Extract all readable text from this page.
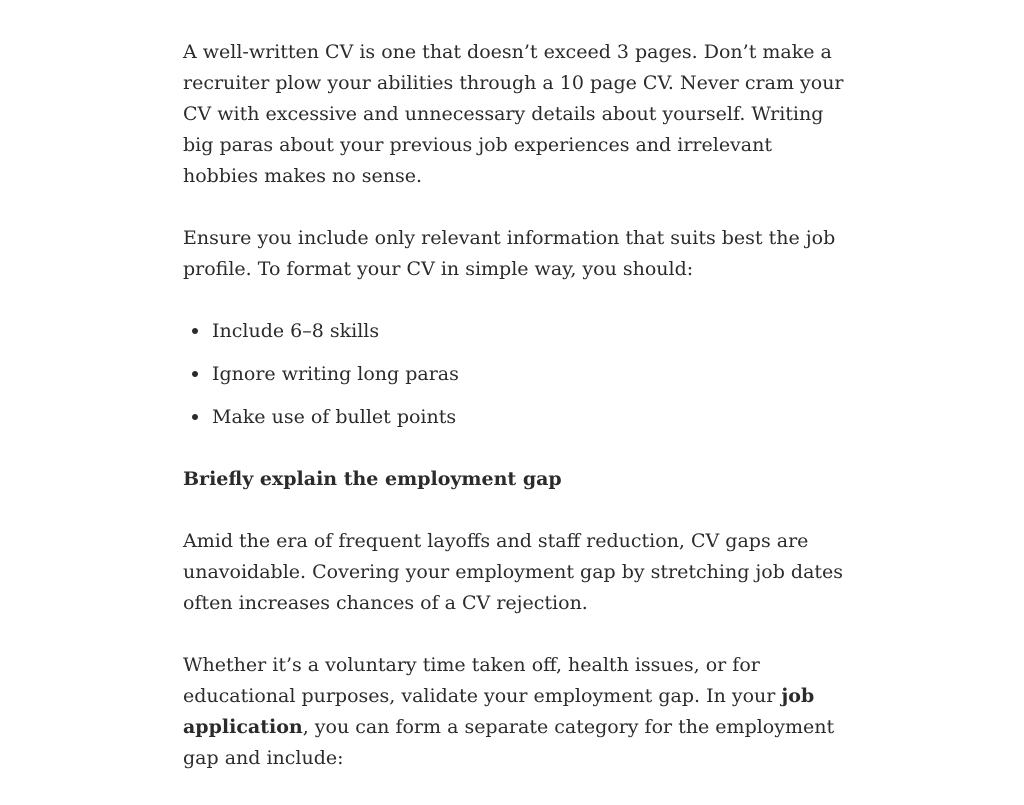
A well-written CV is one that doesn’t exceed 3 pages. Don’t make a recruiter plow your abilities through a 10 page CV. Never cram your CV with excessive and unnecessary details about yourself. Writing big paras about your previous job experiences and irrelevant hobbies makes no sense.

Ensure you include only relevant information that suits best the job profile. To format your CV in simple way, you should:

Include 6–8 skills
Ignore writing long paras
Make use of bullet points
Briefly explain the employment gap

Amid the era of frequent layoffs and staff reduction, CV gaps are unavoidable. Covering your employment gap by stretching job dates often increases chances of a CV rejection.

Whether it’s a voluntary time taken off, health issues, or for educational purposes, validate your employment gap. In your job application, you can form a separate category for the employment gap and include:
